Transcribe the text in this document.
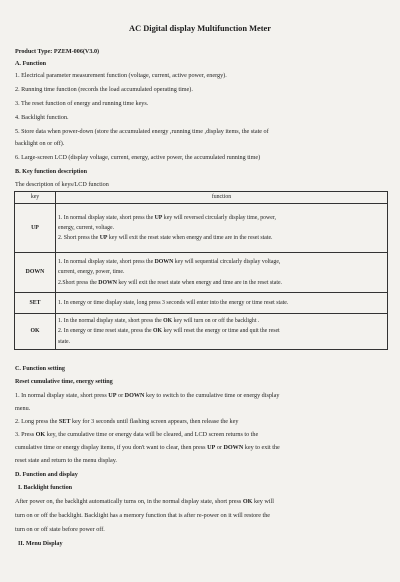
AC Digital display Multifunction Meter
Product Type: PZEM-006(V3.0)
A. Function
1. Electrical parameter measurement function (voltage, current, active power, energy).
2. Running time function (records the load accumulated operating time).
3. The reset function of energy and running time keys.
4. Backlight function.
5. Store data when power-down (store the accumulated energy ,running time ,display items, the state of
backlight on or off).
6. Large-screen LCD (display voltage, current, energy, active power, the accumulated running time)
B. Key function description
The description of keys/LCD function
key	function
UP	1. In normal display state, short press the UP key will reversed circularly display time, power,
energy, current, voltage.
2. Short press the UP key will exit the reset state when energy and time are in the reset state.

DOWN	1. In normal display state, short press the DOWN key will sequential circularly display voltage,
current, energy, power, time.
2.Short press the DOWN key will exit the reset state when energy and time are in the reset state.

SET	1. In energy or time display state, long press 3 seconds will enter into the energy or time reset state.

OK	1. In the normal display state, short press the OK key will turn on or off the backlight .
2. In energy or time reset state, press the OK key will reset the energy or time and quit the reset
state.
C. Function setting
Reset cumulative time, energy setting
1. In normal display state, short press UP or DOWN key to switch to the cumulative time or energy display
menu.
2. Long press the SET key for 3 seconds until flashing screen appears, then release the key
3. Press OK key, the cumulative time or energy data will be cleared, and LCD screen returns to the
cumulative time or energy display items, if you don't want to clear, then press UP or DOWN key to exit the
reset state and return to the menu display.
D. Function and display
I. Backlight function
After power on, the backlight automatically turns on, in the normal display state, short press OK key will
turn on or off the backlight. Backlight has a memory function that is after re-power on it will restore the
turn on or off state before power off.
II. Menu Display
